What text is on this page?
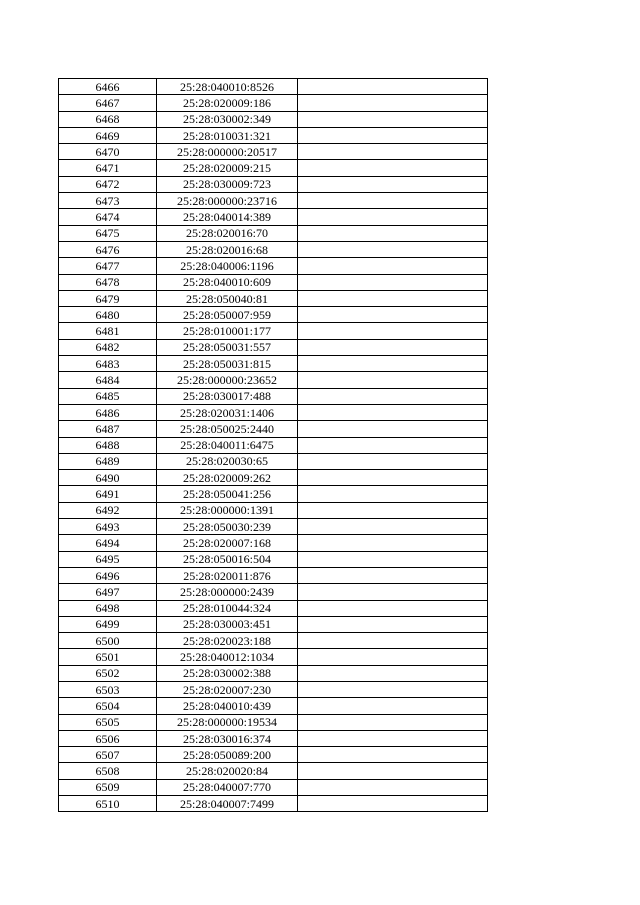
6466	25:28:040010:8526	
6467	25:28:020009:186	
6468	25:28:030002:349	
6469	25:28:010031:321	
6470	25:28:000000:20517	
6471	25:28:020009:215	
6472	25:28:030009:723	
6473	25:28:000000:23716	
6474	25:28:040014:389	
6475	25:28:020016:70	
6476	25:28:020016:68	
6477	25:28:040006:1196	
6478	25:28:040010:609	
6479	25:28:050040:81	
6480	25:28:050007:959	
6481	25:28:010001:177	
6482	25:28:050031:557	
6483	25:28:050031:815	
6484	25:28:000000:23652	
6485	25:28:030017:488	
6486	25:28:020031:1406	
6487	25:28:050025:2440	
6488	25:28:040011:6475	
6489	25:28:020030:65	
6490	25:28:020009:262	
6491	25:28:050041:256	
6492	25:28:000000:1391	
6493	25:28:050030:239	
6494	25:28:020007:168	
6495	25:28:050016:504	
6496	25:28:020011:876	
6497	25:28:000000:2439	
6498	25:28:010044:324	
6499	25:28:030003:451	
6500	25:28:020023:188	
6501	25:28:040012:1034	
6502	25:28:030002:388	
6503	25:28:020007:230	
6504	25:28:040010:439	
6505	25:28:000000:19534	
6506	25:28:030016:374	
6507	25:28:050089:200	
6508	25:28:020020:84	
6509	25:28:040007:770	
6510	25:28:040007:7499	
